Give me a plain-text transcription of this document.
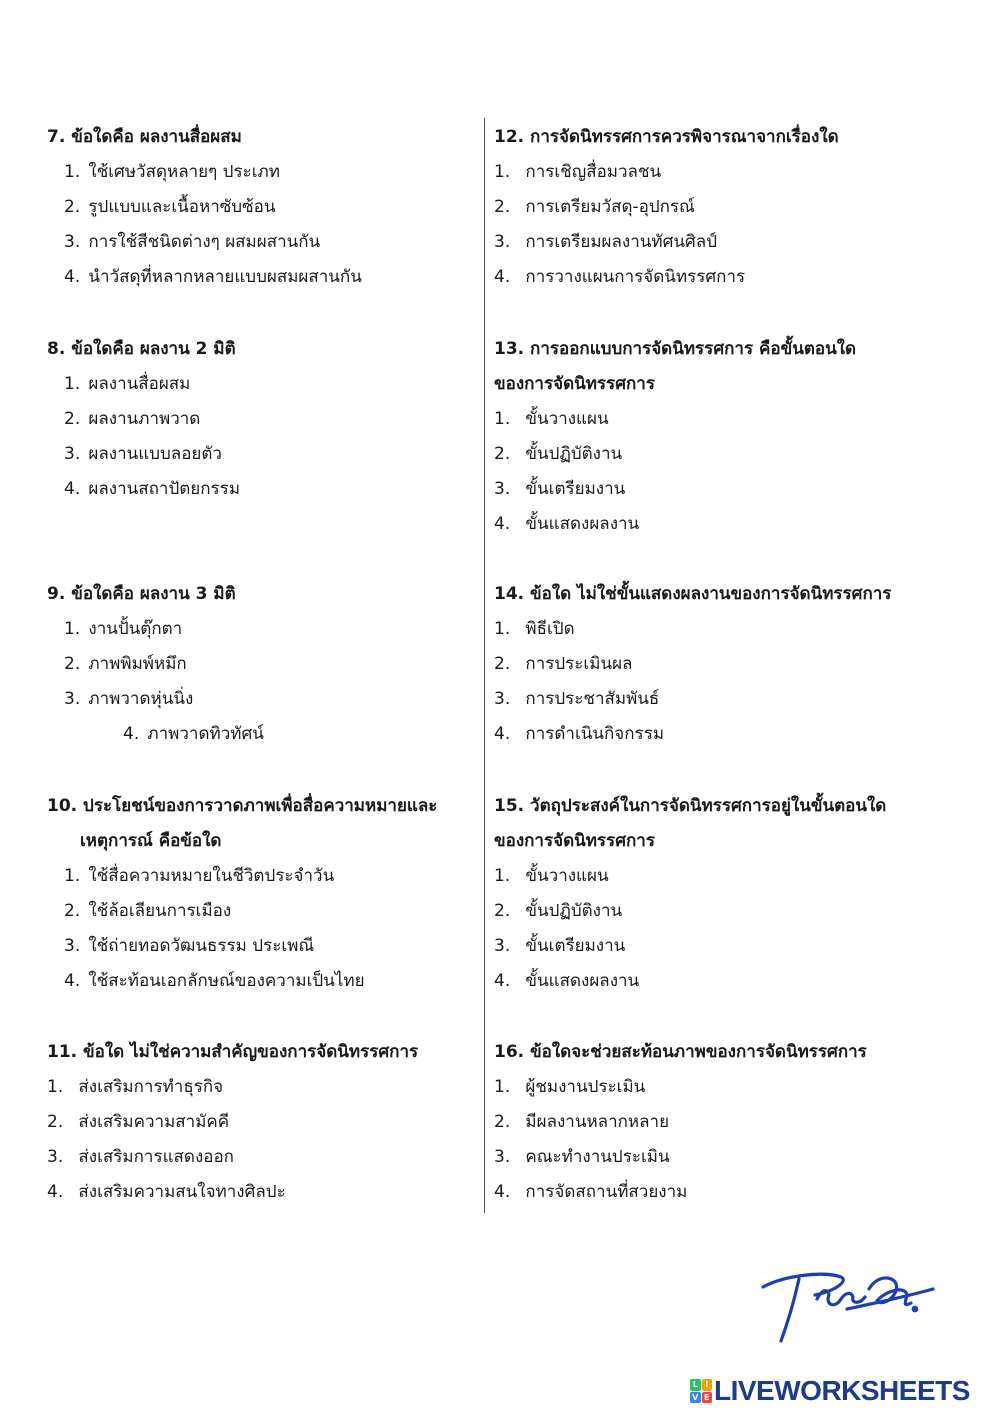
7. ข้อใดคือ ผลงานสื่อผสม
1. ใช้เศษวัสดุหลายๆ ประเภท
2. รูปแบบและเนื้อหาซับซ้อน
3. การใช้สีชนิดต่างๆ ผสมผสานกัน
4. นำวัสดุที่หลากหลายแบบผสมผสานกัน
8. ข้อใดคือ ผลงาน 2 มิติ
1. ผลงานสื่อผสม
2. ผลงานภาพวาด
3. ผลงานแบบลอยตัว
4. ผลงานสถาปัตยกรรม
9. ข้อใดคือ ผลงาน 3 มิติ
1. งานปั้นตุ๊กตา
2. ภาพพิมพ์หมึก
3. ภาพวาดหุ่นนิ่ง
4. ภาพวาดทิวทัศน์
10. ประโยชน์ของการวาดภาพเพื่อสื่อความหมายและ
เหตุการณ์ คือข้อใด
1. ใช้สื่อความหมายในชีวิตประจำวัน
2. ใช้ล้อเลียนการเมือง
3. ใช้ถ่ายทอดวัฒนธรรม ประเพณี
4. ใช้สะท้อนเอกลักษณ์ของความเป็นไทย
11. ข้อใด ไม่ใช่ความสำคัญของการจัดนิทรรศการ
1. ส่งเสริมการทำธุรกิจ
2. ส่งเสริมความสามัคคี
3. ส่งเสริมการแสดงออก
4. ส่งเสริมความสนใจทางศิลปะ
12. การจัดนิทรรศการควรพิจารณาจากเรื่องใด
1. การเชิญสื่อมวลชน
2. การเตรียมวัสดุ-อุปกรณ์
3. การเตรียมผลงานทัศนศิลป์
4. การวางแผนการจัดนิทรรศการ
13. การออกแบบการจัดนิทรรศการ คือขั้นตอนใด
ของการจัดนิทรรศการ
1. ขั้นวางแผน
2. ขั้นปฏิบัติงาน
3. ขั้นเตรียมงาน
4. ขั้นแสดงผลงาน
14. ข้อใด ไม่ใช่ขั้นแสดงผลงานของการจัดนิทรรศการ
1. พิธีเปิด
2. การประเมินผล
3. การประชาสัมพันธ์
4. การดำเนินกิจกรรม
15. วัตถุประสงค์ในการจัดนิทรรศการอยู่ในขั้นตอนใด
ของการจัดนิทรรศการ
1. ขั้นวางแผน
2. ขั้นปฏิบัติงาน
3. ขั้นเตรียมงาน
4. ขั้นแสดงผลงาน
16. ข้อใดจะช่วยสะท้อนภาพของการจัดนิทรรศการ
1. ผู้ชมงานประเมิน
2. มีผลงานหลากหลาย
3. คณะทำงานประเมิน
4. การจัดสถานที่สวยงาม
L I
V E LIVEWORKSHEETS
